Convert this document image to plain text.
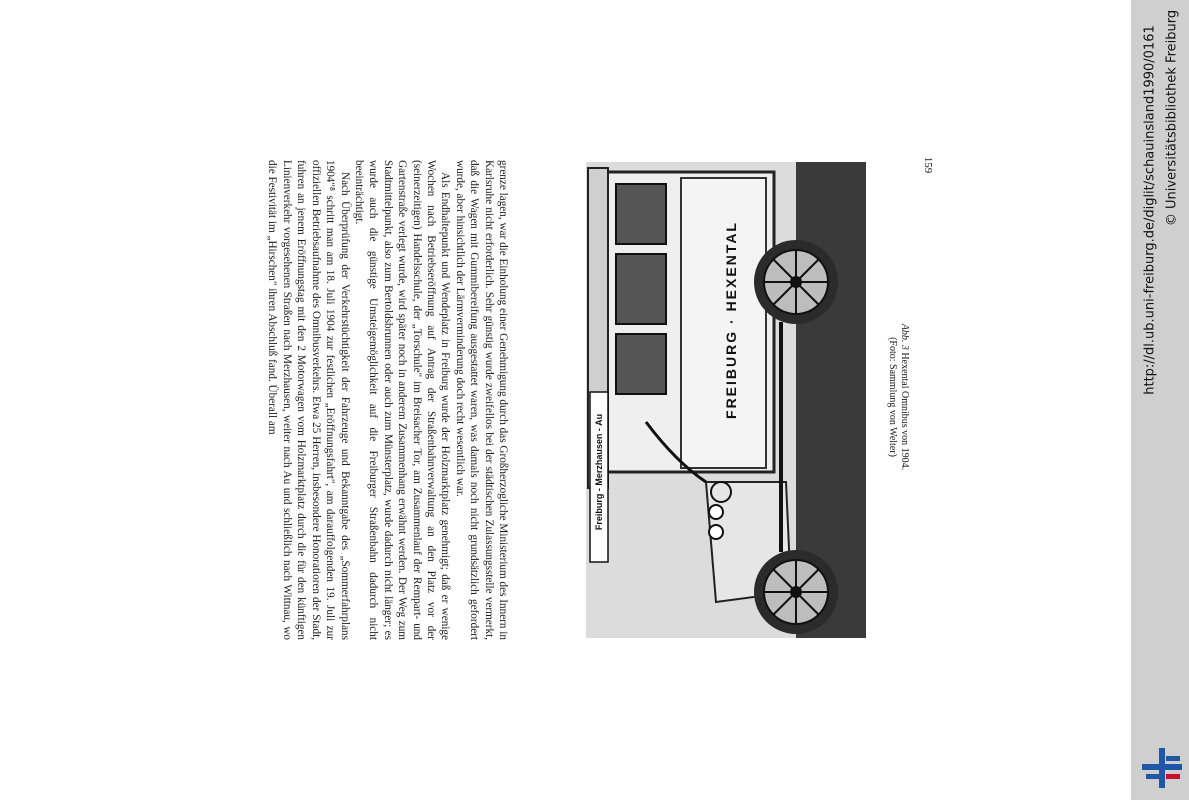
grenze lagen, war die Einholung einer Genehmigung durch das Großherzogliche Ministerium des Innern in Karlsruhe nicht erforderlich. Sehr günstig wurde zweifellos bei der städtischen Zulassungsstelle vermerkt, daß die Wagen mit Gummibereifung ausgestattet waren, was damals noch nicht grundsätzlich gefordert wurde, aber hinsichtlich der Lärmverminderung doch recht wesentlich war.

Als Endhaltepunkt und Wendeplatz in Freiburg wurde der Holzmarktplatz genehmigt; daß er wenige Wochen nach Betriebseröffnung auf Antrag der Straßenbahnverwaltung an den Platz vor der (seinerzeitigen) Handelsschule, der „Torschule" im Breisacher Tor, am Zusammenlauf der Rempart- und Gartenstraße verlegt wurde, wird später noch in anderem Zusammenhang erwähnt werden. Der Weg zum Stadtmittelpunkt, also zum Bertoldsbrunnen oder auch zum Münsterplatz, wurde dadurch nicht länger; es wurde auch die günstige Umsteigemöglichkeit auf die Freiburger Straßenbahn dadurch nicht beeinträchtigt.

Nach Überprüfung der Verkehrstüchtigkeit der Fahrzeuge und Bekanntgabe des „Sommerfahrplans 1904"⁸ schritt man am 18. Juli 1904 zur festlichen „Eröffnungsfahrt", am darauffolgenden 19. Juli zur offiziellen Betriebsaufnahme des Omnibusverkehrs. Etwa 25 Herren, insbesondere Honoratioren der Stadt, fuhren an jenem Eröffnungstag mit den 2 Motorwagen vom Holzmarktplatz durch die für den künftigen Linienverkehr vorgesehenen Straßen nach Merzhausen, weiter nach Au und schließlich nach Wittnau, wo die Festivität im „Hirschen" ihren Abschluß fand. Überall am

Freiburg - Merzhausen - Au
FREIBURG · HEXENTAL	Abb. 3 Hexental Omnibus von 1904.
(Foto: Sammlung von Welter)
159	http://dl.ub.uni-freiburg.de/diglit/schauinsland1990/0161 © Universitätsbibliothek Freiburg
